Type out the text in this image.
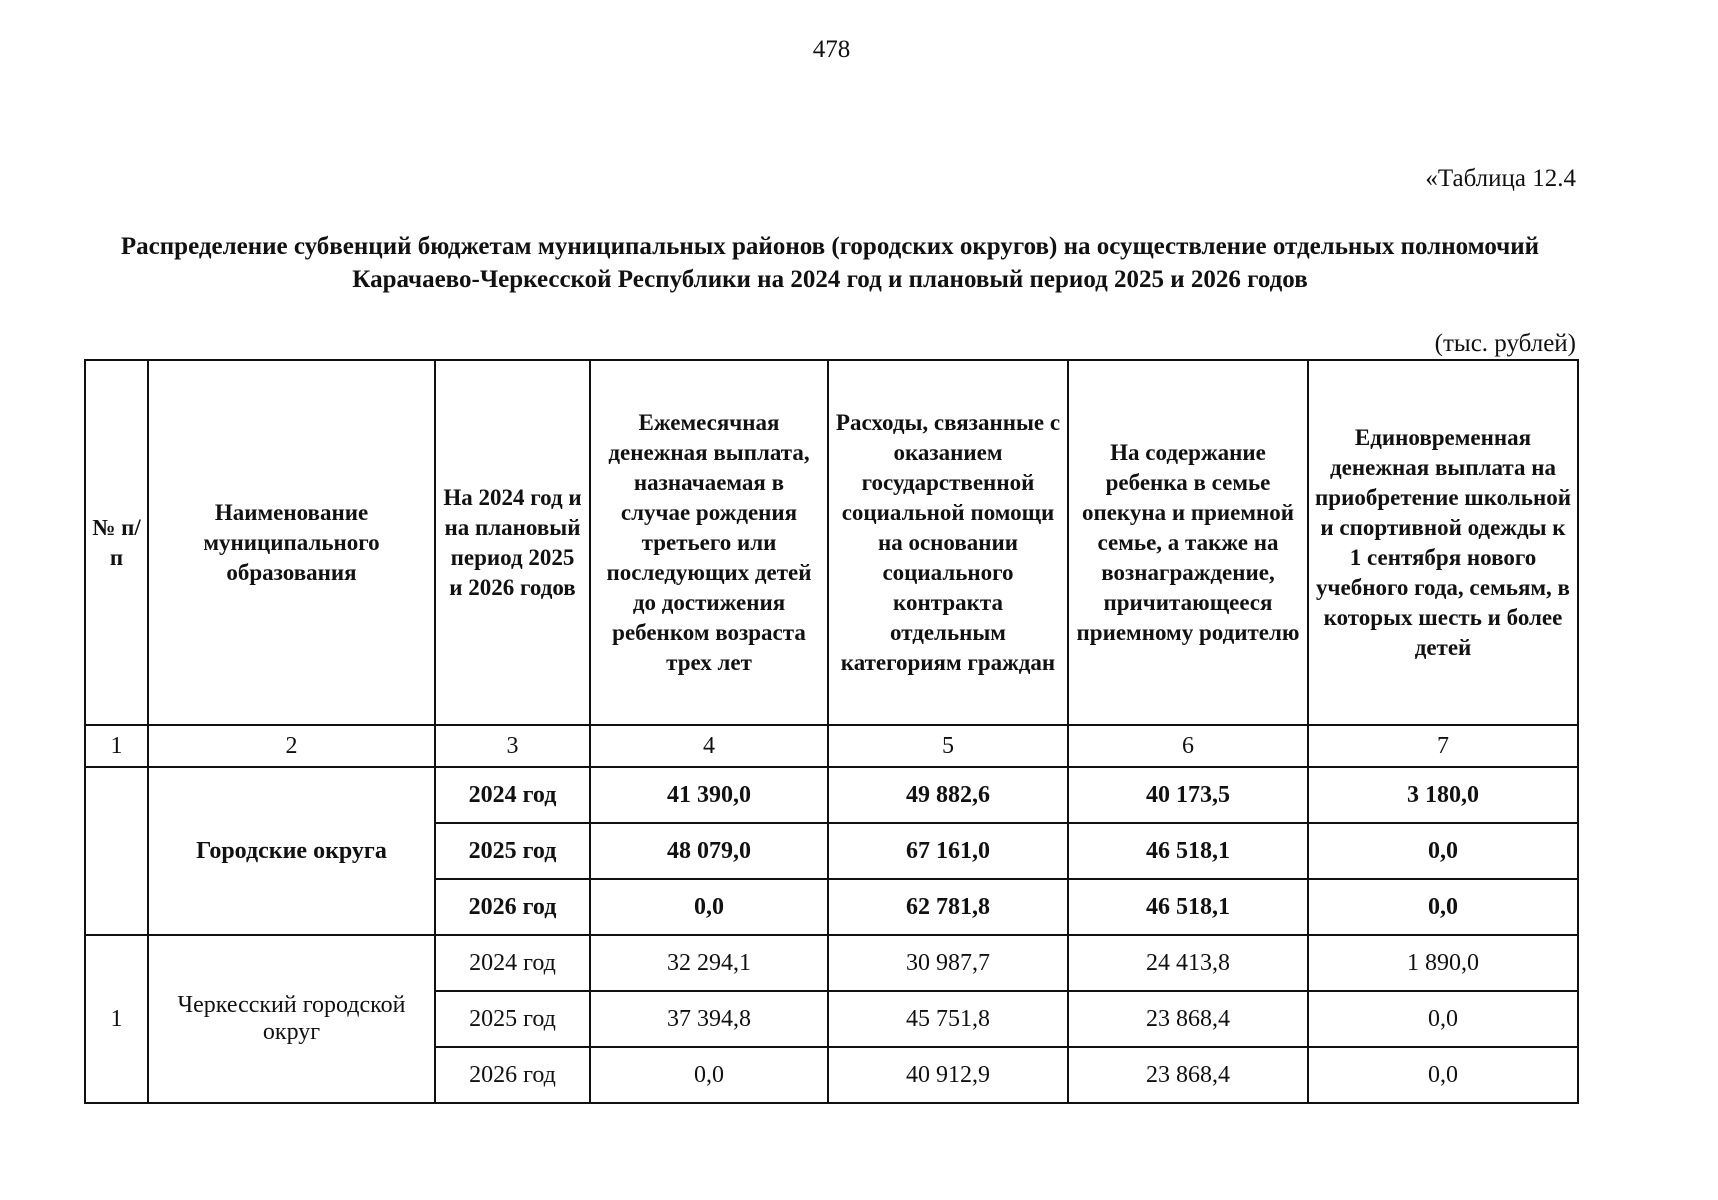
478
«Таблица 12.4
Распределение субвенций бюджетам муниципальных районов (городских округов) на осуществление отдельных полномочий Карачаево-Черкесской Республики на 2024 год и плановый период 2025 и 2026 годов
(тыс. рублей)
№ п/п	Наименование муниципального образования	На 2024 год и на плановый период 2025 и 2026 годов	Ежемесячная денежная выплата, назначаемая в случае рождения третьего или последующих детей до достижения ребенком возраста трех лет	Расходы, связанные с оказанием государственной социальной помощи на основании социального контракта отдельным категориям граждан	На содержание ребенка в семье опекуна и приемной семье, а также на вознаграждение, причитающееся приемному родителю	Единовременная денежная выплата на приобретение школьной и спортивной одежды к 1 сентября нового учебного года, семьям, в которых шесть и более детей
1	2	3	4	5	6	7
	Городские округа	2024 год	41 390,0	49 882,6	40 173,5	3 180,0
		2025 год	48 079,0	67 161,0	46 518,1	0,0
		2026 год	0,0	62 781,8	46 518,1	0,0
1	Черкесский городской округ	2024 год	32 294,1	30 987,7	24 413,8	1 890,0
		2025 год	37 394,8	45 751,8	23 868,4	0,0
		2026 год	0,0	40 912,9	23 868,4	0,0
